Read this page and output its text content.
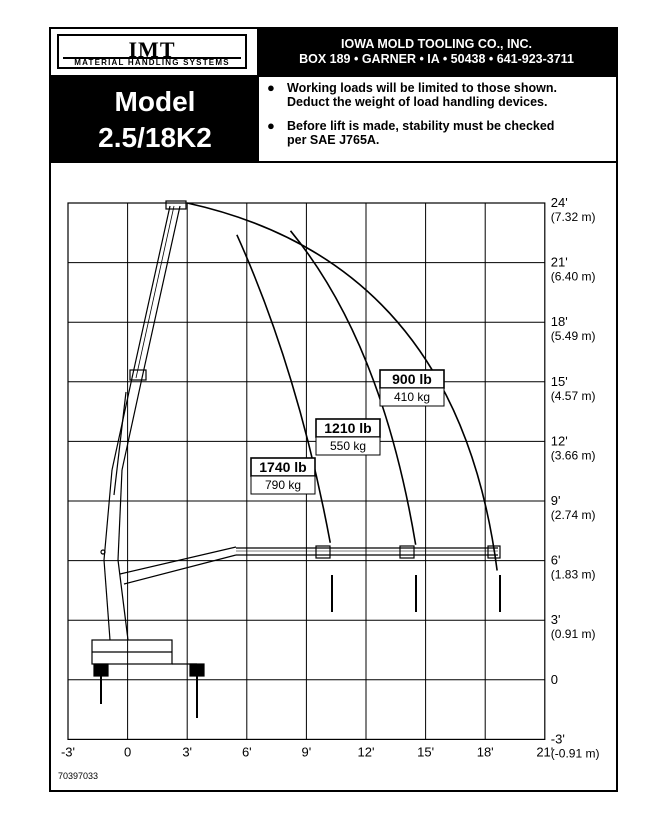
IMT
MATERIAL HANDLING SYSTEMS
IOWA MOLD TOOLING CO., INC.
BOX 189 • GARNER • IA • 50438 • 641-923-3711
Model
2.5/18K2
● Working loads will be limited to those shown.
Deduct the weight of load handling devices.
● Before lift is made, stability must be checked
per SAE J765A.
1740 lb
790 kg
1210 lb
550 kg
900 lb
410 kg
-3'	0	3'	6'	9'	12'	15'	18'	21'
24'
(7.32 m)
21'
(6.40 m)
18'
(5.49 m)
15'
(4.57 m)
12'
(3.66 m)
9'
(2.74 m)
6'
(1.83 m)
3'
(0.91 m)
0
-3'
(-0.91 m)
70397033
